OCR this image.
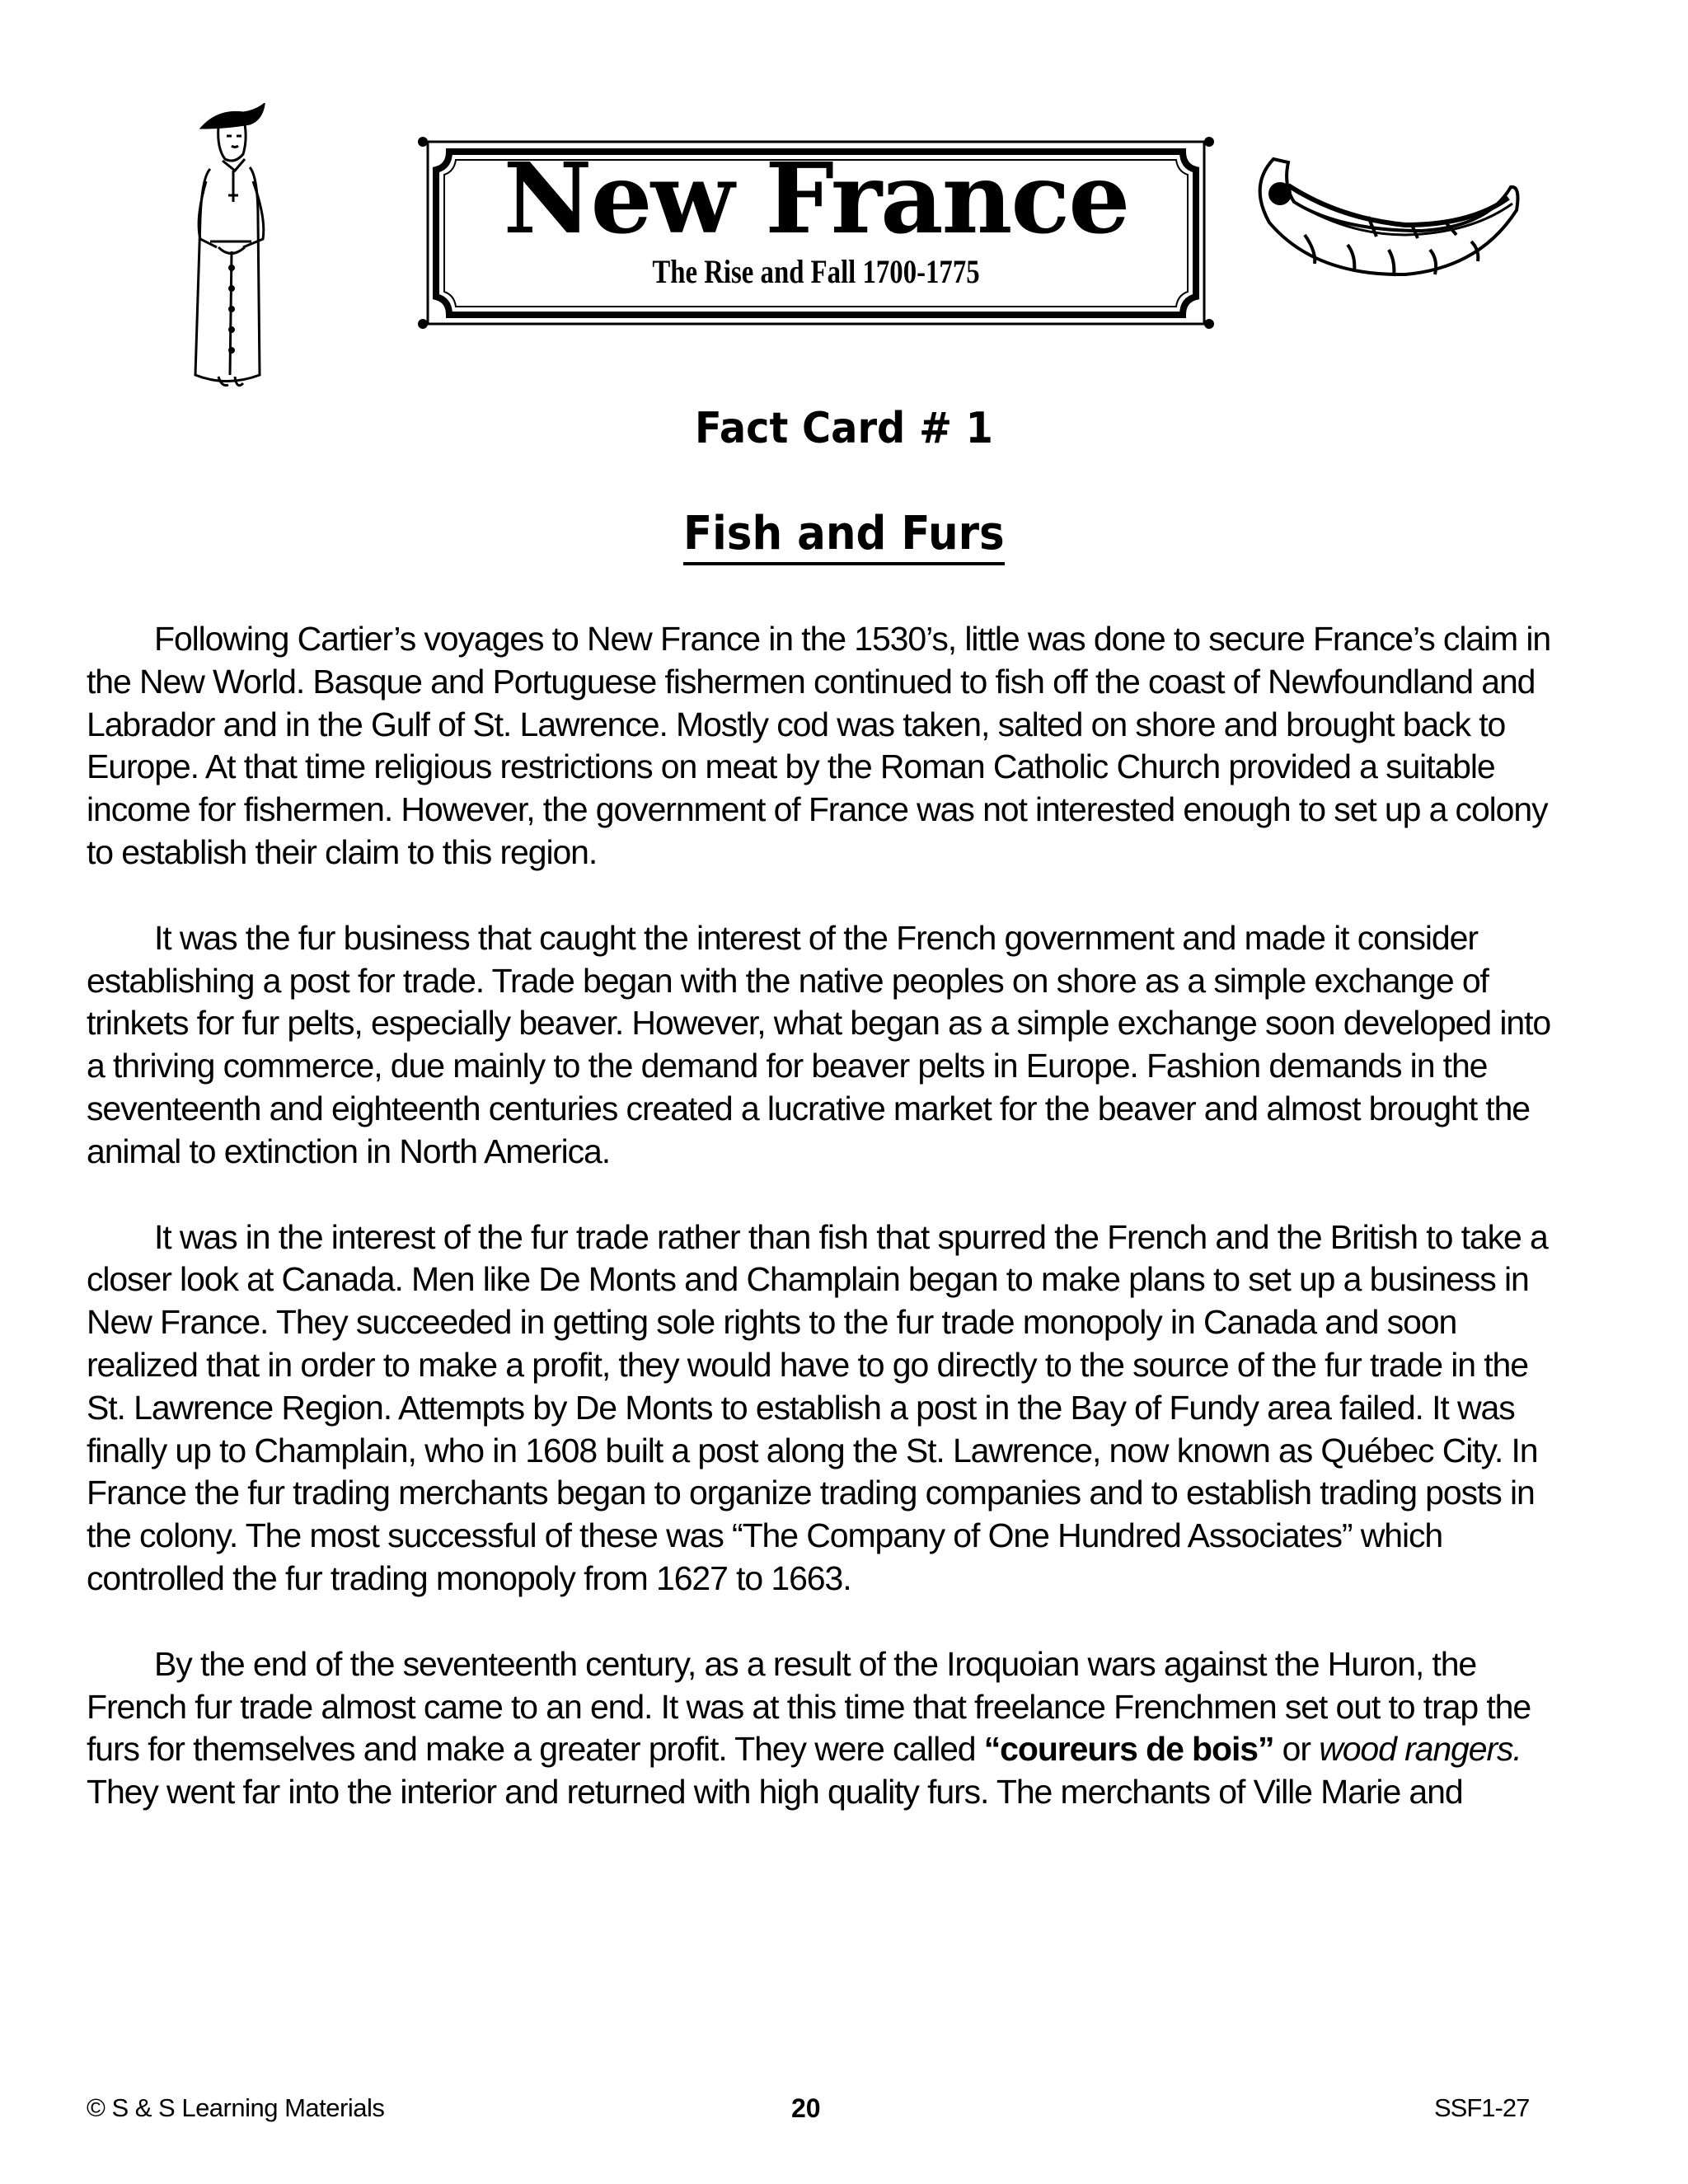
New France
The Rise and Fall 1700-1775
Fact Card # 1
Fish and Furs

Following Cartier’s voyages to New France in the 1530’s, little was done to secure France’s claim in the New World. Basque and Portuguese fishermen continued to fish off the coast of Newfoundland and Labrador and in the Gulf of St. Lawrence. Mostly cod was taken, salted on shore and brought back to Europe. At that time religious restrictions on meat by the Roman Catholic Church provided a suitable income for fishermen. However, the government of France was not interested enough to set up a colony to establish their claim to this region.

It was the fur business that caught the interest of the French government and made it consider establishing a post for trade. Trade began with the native peoples on shore as a simple exchange of trinkets for fur pelts, especially beaver. However, what began as a simple exchange soon developed into a thriving commerce, due mainly to the demand for beaver pelts in Europe. Fashion demands in the seventeenth and eighteenth centuries created a lucrative market for the beaver and almost brought the animal to extinction in North America.

It was in the interest of the fur trade rather than fish that spurred the French and the British to take a closer look at Canada. Men like De Monts and Champlain began to make plans to set up a business in New France. They succeeded in getting sole rights to the fur trade monopoly in Canada and soon realized that in order to make a profit, they would have to go directly to the source of the fur trade in the St. Lawrence Region. Attempts by De Monts to establish a post in the Bay of Fundy area failed. It was finally up to Champlain, who in 1608 built a post along the St. Lawrence, now known as Québec City. In France the fur trading merchants began to organize trading companies and to establish trading posts in the colony. The most successful of these was “The Company of One Hundred Associates” which controlled the fur trading monopoly from 1627 to 1663.

By the end of the seventeenth century, as a result of the Iroquoian wars against the Huron, the French fur trade almost came to an end. It was at this time that freelance Frenchmen set out to trap the furs for themselves and make a greater profit. They were called “coureurs de bois” or wood rangers. They went far into the interior and returned with high quality furs. The merchants of Ville Marie and

© S & S Learning Materials	20	SSF1-27
